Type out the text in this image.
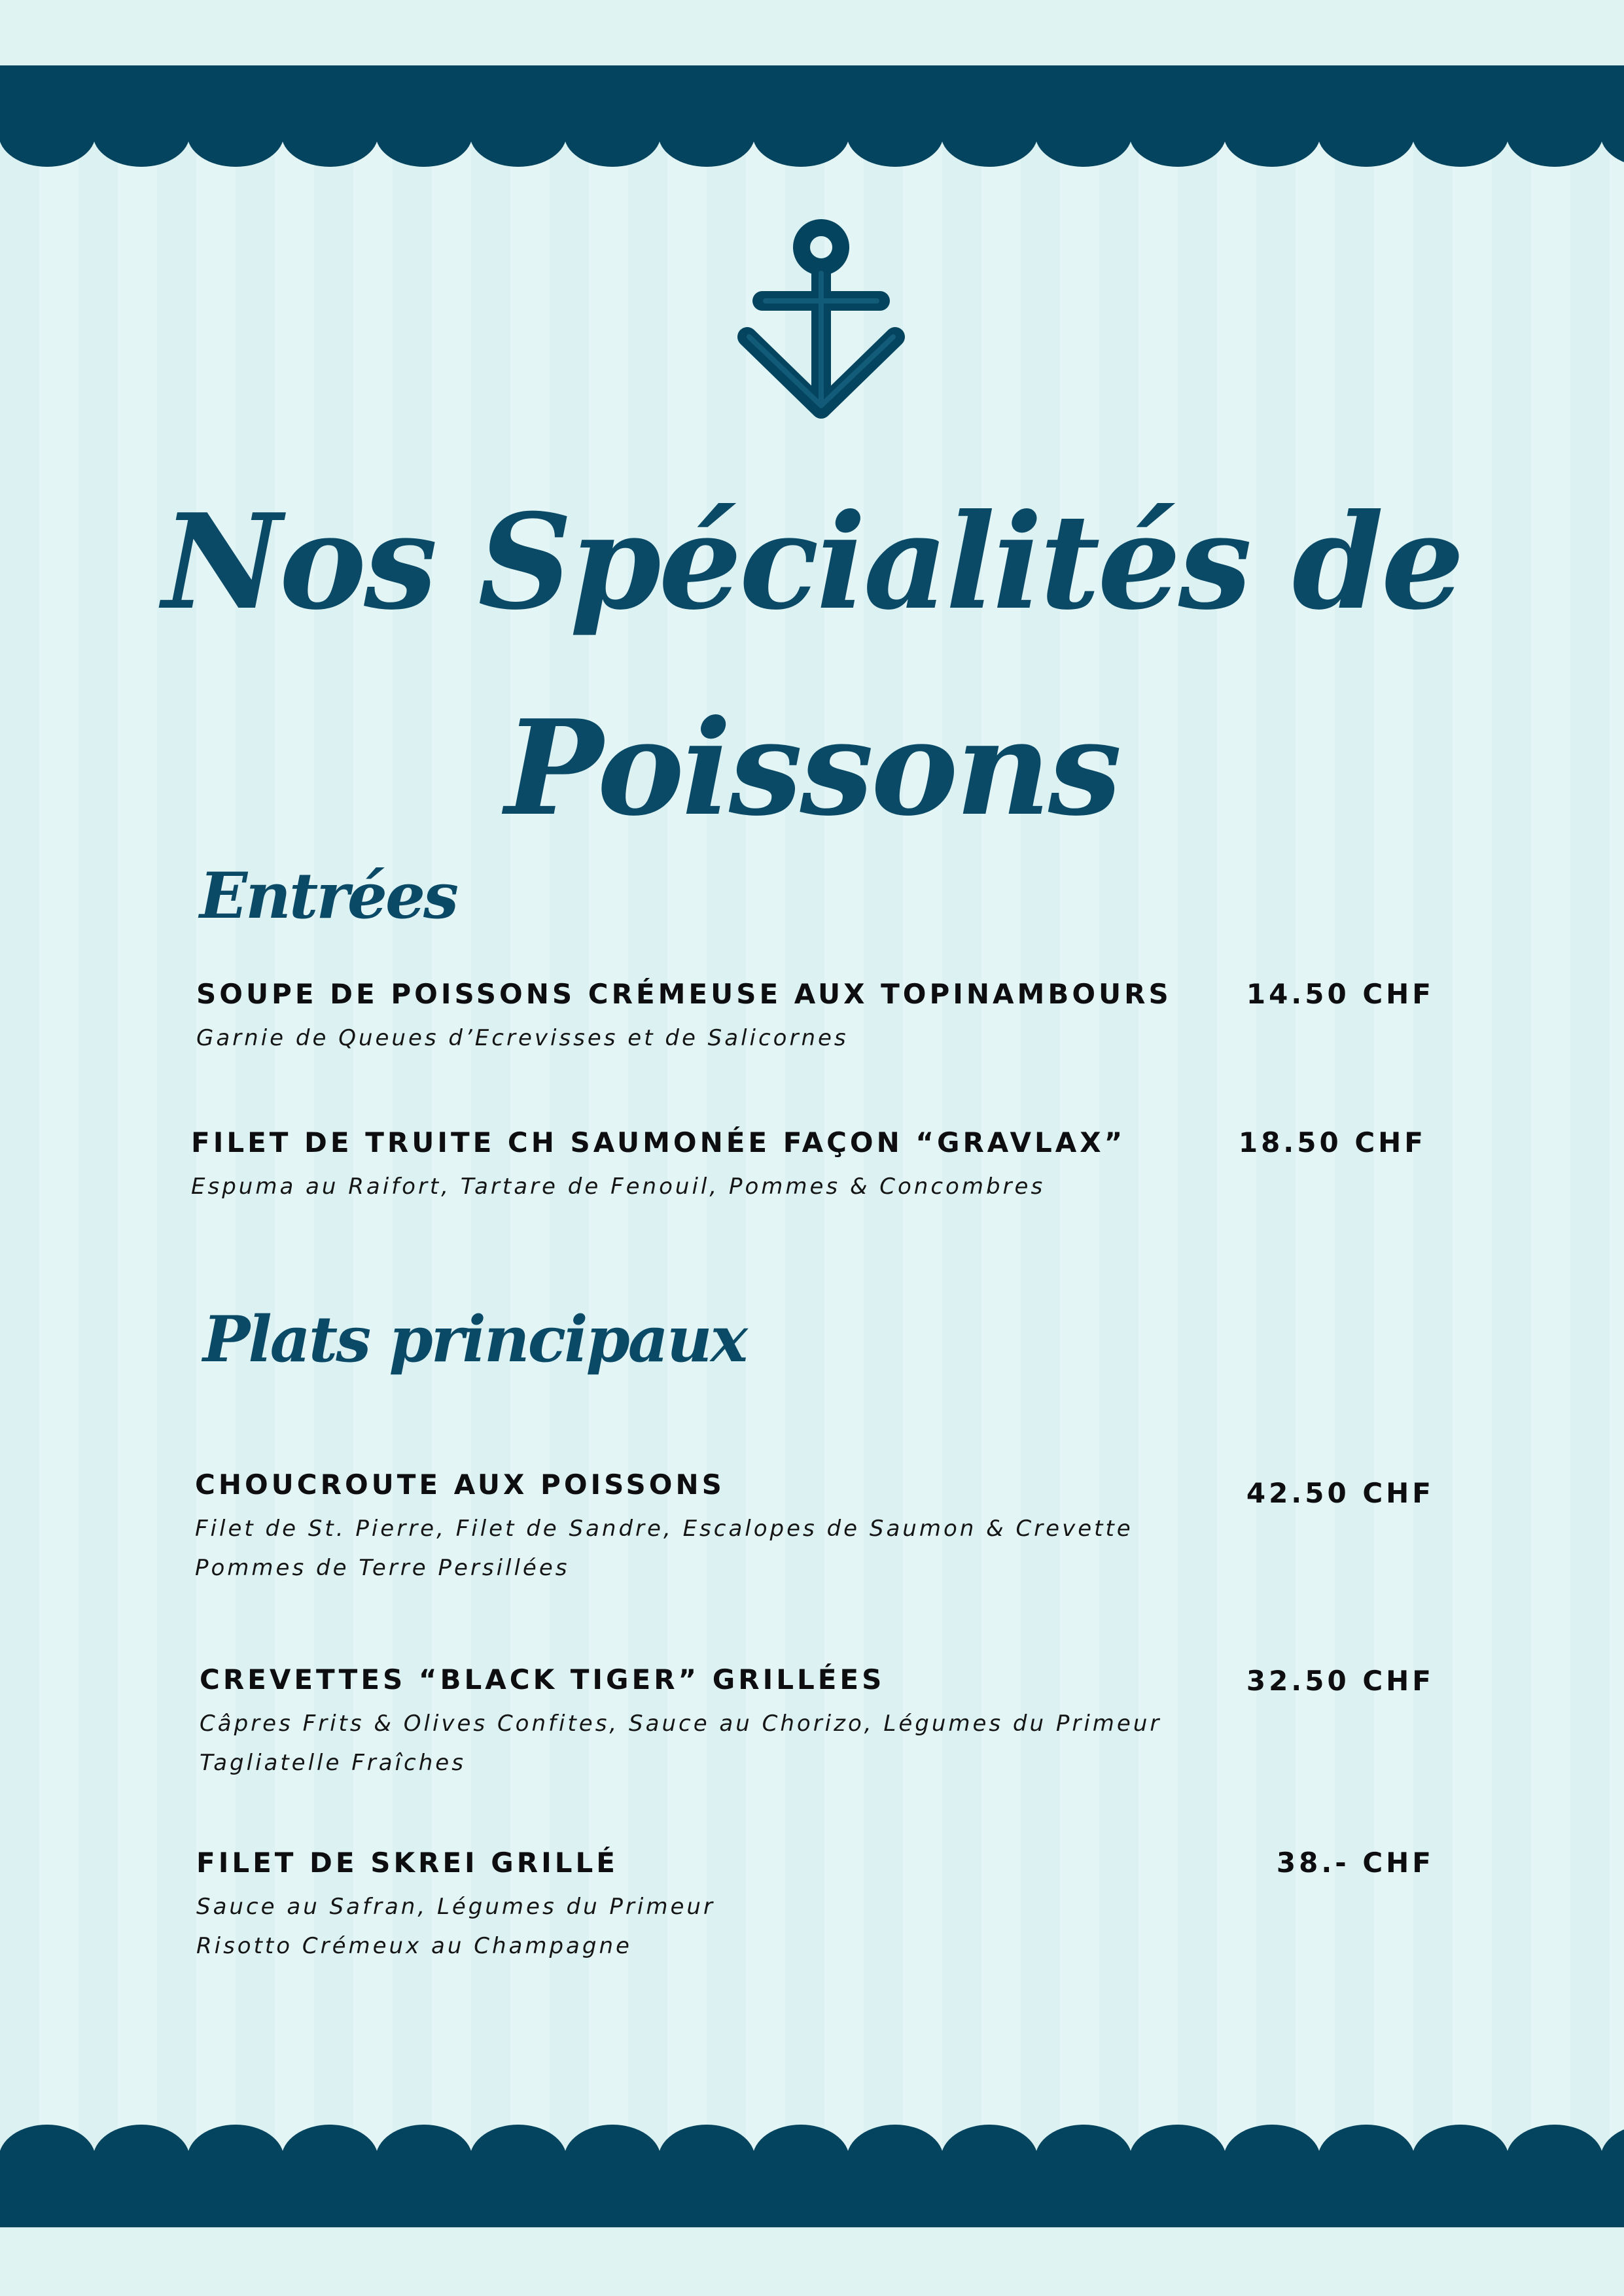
Nos Spécialités de
Poissons
Entrées
SOUPE DE POISSONS CRÉMEUSE AUX TOPINAMBOURS
Garnie de Queues d’Ecrevisses et de Salicornes
14.50 CHF
FILET DE TRUITE CH SAUMONÉE FAÇON “GRAVLAX”
Espuma au Raifort, Tartare de Fenouil, Pommes & Concombres
18.50 CHF
Plats principaux
CHOUCROUTE AUX POISSONS
Filet de St. Pierre, Filet de Sandre, Escalopes de Saumon & Crevette
Pommes de Terre Persillées
42.50 CHF
CREVETTES “BLACK TIGER” GRILLÉES
Câpres Frits & Olives Confites, Sauce au Chorizo, Légumes du Primeur
Tagliatelle Fraîches
32.50 CHF
FILET DE SKREI GRILLÉ
Sauce au Safran, Légumes du Primeur
Risotto Crémeux au Champagne
38.- CHF
